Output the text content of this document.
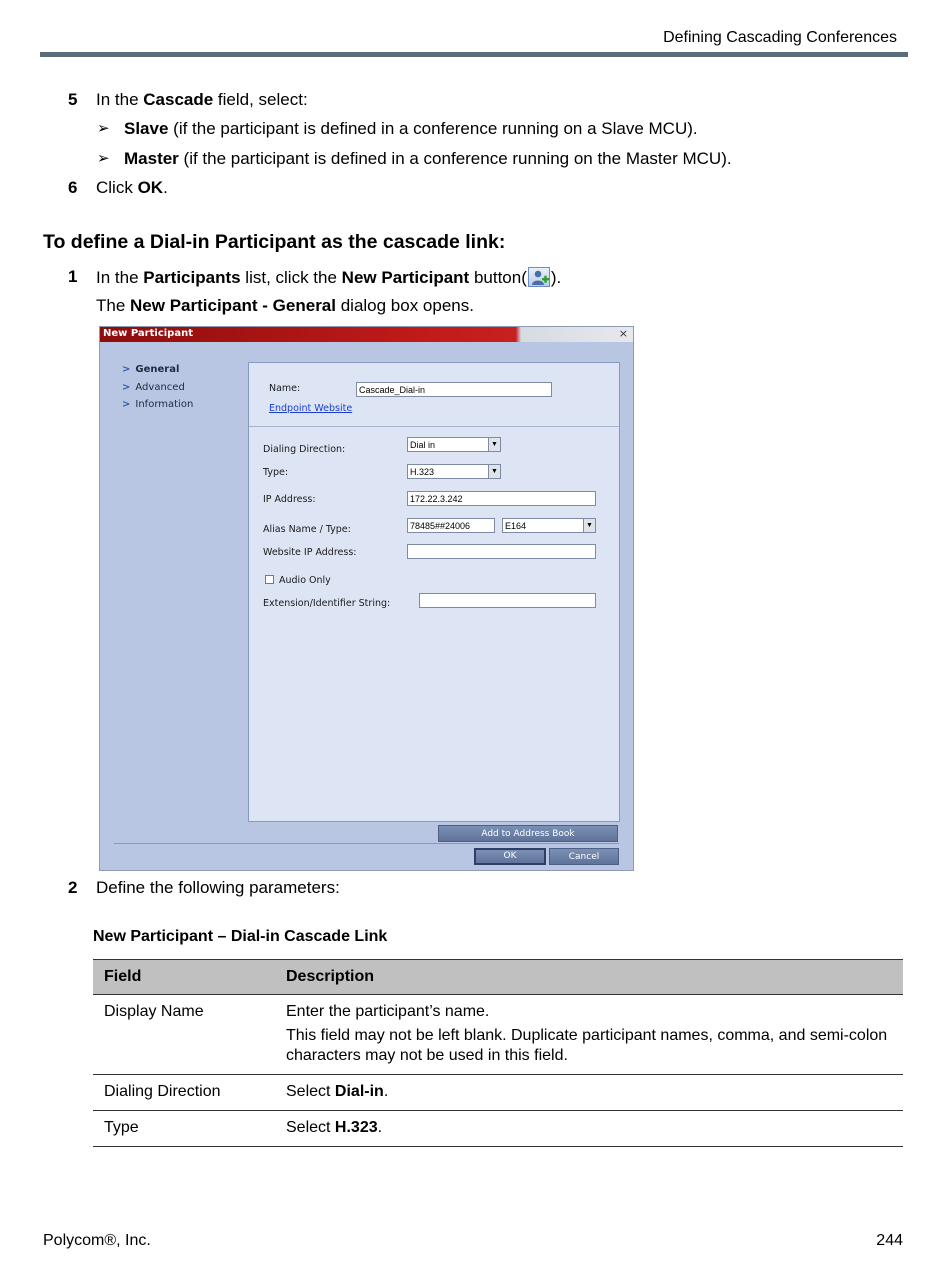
Defining Cascading Conferences
5 In the Cascade field, select:
➢ Slave (if the participant is defined in a conference running on a Slave MCU).
➢ Master (if the participant is defined in a conference running on the Master MCU).
6 Click OK.
To define a Dial-in Participant as the cascade link:
1 In the Participants list, click the New Participant button( ).
The New Participant - General dialog box opens.
New Participant	×
> General
> Advanced
> Information
Name:	Cascade_Dial-in
Endpoint Website
Dialing Direction:	Dial in	▼
Type:	H.323	▼
IP Address:	172.22.3.242
Alias Name / Type:	78485##24006	E164	▼
Website IP Address:
Audio Only
Extension/Identifier String:
Add to Address Book
OK	Cancel
2 Define the following parameters:
New Participant – Dial-in Cascade Link
Field	Description
Display Name	Enter the participant’s name.
This field may not be left blank. Duplicate participant names, comma, and semi-colon characters may not be used in this field.

Dialing Direction	Select Dial-in.
Type	Select H.323.
Polycom®, Inc.	244
